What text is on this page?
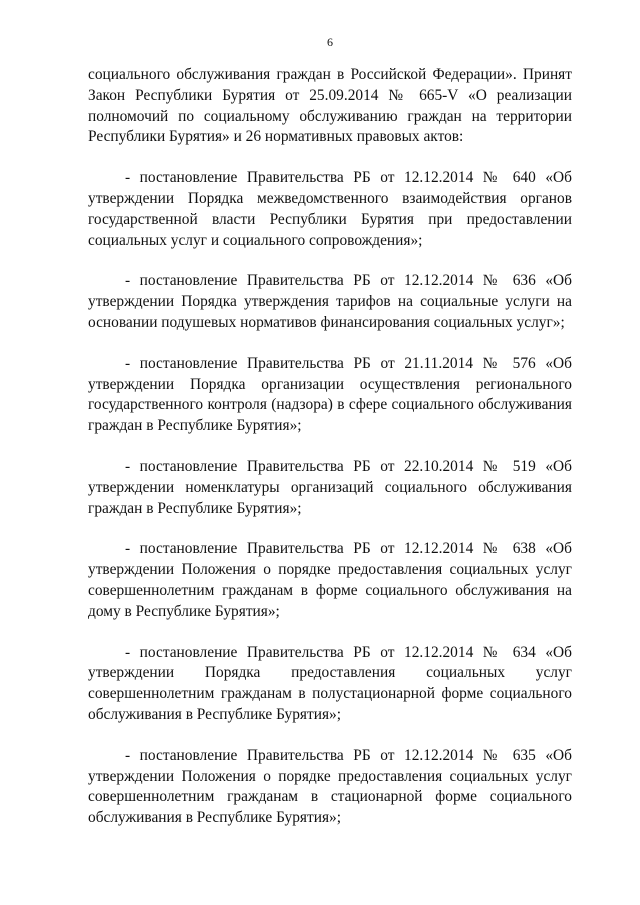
6

социального обслуживания граждан в Российской Федерации». Принят Закон Республики Бурятия от 25.09.2014 № 665-V «О реализации полномочий по социальному обслуживанию граждан на территории Республики Бурятия» и 26 нормативных правовых актов:

- постановление Правительства РБ от 12.12.2014 № 640 «Об утверждении Порядка межведомственного взаимодействия органов государственной власти Республики Бурятия при предоставлении социальных услуг и социального сопровождения»;

- постановление Правительства РБ от 12.12.2014 № 636 «Об утверждении Порядка утверждения тарифов на социальные услуги на основании подушевых нормативов финансирования социальных услуг»;

- постановление Правительства РБ от 21.11.2014 № 576 «Об утверждении Порядка организации осуществления регионального государственного контроля (надзора) в сфере социального обслуживания граждан в Республике Бурятия»;

- постановление Правительства РБ от 22.10.2014 № 519 «Об утверждении номенклатуры организаций социального обслуживания граждан в Республике Бурятия»;

- постановление Правительства РБ от 12.12.2014 № 638 «Об утверждении Положения о порядке предоставления социальных услуг совершеннолетним гражданам в форме социального обслуживания на дому в Республике Бурятия»;

- постановление Правительства РБ от 12.12.2014 № 634 «Об утверждении Порядка предоставления социальных услуг совершеннолетним гражданам в полустационарной форме социального обслуживания в Республике Бурятия»;

- постановление Правительства РБ от 12.12.2014 № 635 «Об утверждении Положения о порядке предоставления социальных услуг совершеннолетним гражданам в стационарной форме социального обслуживания в Республике Бурятия»;
